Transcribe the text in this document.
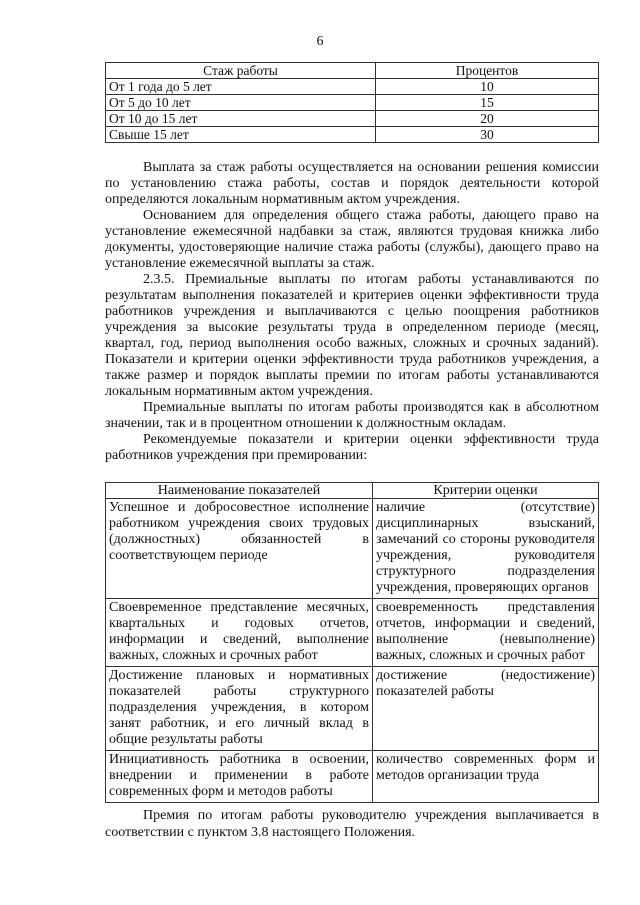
6
Стаж работы	Процентов
От 1 года до 5 лет	10
От 5 до 10 лет	15
От 10 до 15 лет	20
Свыше 15 лет	30

Выплата за стаж работы осуществляется на основании решения комиссии по установлению стажа работы, состав и порядок деятельности которой определяются локальным нормативным актом учреждения.

Основанием для определения общего стажа работы, дающего право на установление ежемесячной надбавки за стаж, являются трудовая книжка либо документы, удостоверяющие наличие стажа работы (службы), дающего право на установление ежемесячной выплаты за стаж.

2.3.5. Премиальные выплаты по итогам работы устанавливаются по результатам выполнения показателей и критериев оценки эффективности труда работников учреждения и выплачиваются с целью поощрения работников учреждения за высокие результаты труда в определенном периоде (месяц, квартал, год, период выполнения особо важных, сложных и срочных заданий). Показатели и критерии оценки эффективности труда работников учреждения, а также размер и порядок выплаты премии по итогам работы устанавливаются локальным нормативным актом учреждения.

Премиальные выплаты по итогам работы производятся как в абсолютном значении, так и в процентном отношении к должностным окладам.

Рекомендуемые показатели и критерии оценки эффективности труда работников учреждения при премировании:

Наименование показателей	Критерии оценки
Успешное и добросовестное исполнение работником учреждения своих трудовых (должностных) обязанностей в соответствующем периоде	наличие (отсутствие) дисциплинарных взысканий, замечаний со стороны руководителя учреждения, руководителя структурного подразделения учреждения, проверяющих органов
Своевременное представление месячных, квартальных и годовых отчетов, информации и сведений, выполнение важных, сложных и срочных работ	своевременность представления отчетов, информации и сведений, выполнение (невыполнение) важных, сложных и срочных работ
Достижение плановых и нормативных показателей работы структурного подразделения учреждения, в котором занят работник, и его личный вклад в общие результаты работы	достижение (недостижение) показателей работы
Инициативность работника в освоении, внедрении и применении в работе современных форм и методов работы	количество современных форм и методов организации труда

Премия по итогам работы руководителю учреждения выплачивается в соответствии с пунктом 3.8 настоящего Положения.
